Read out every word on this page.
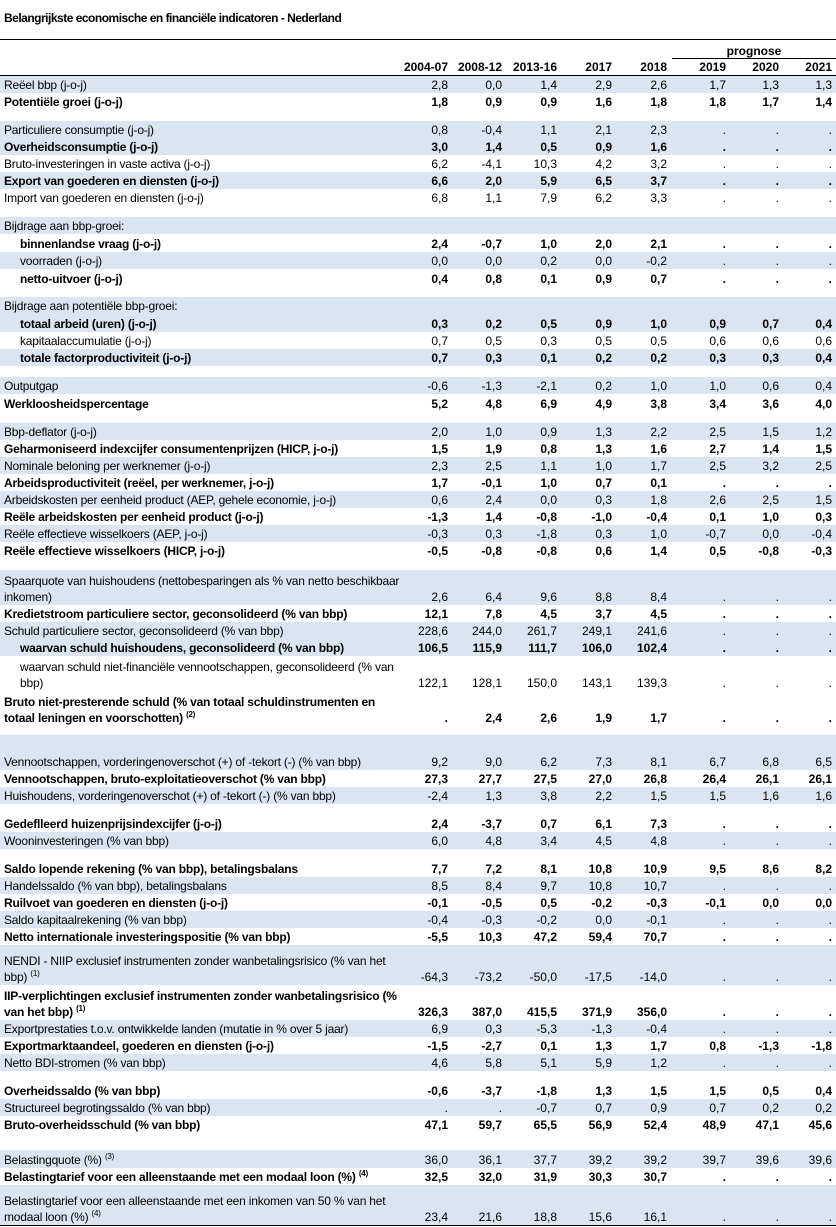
Belangrijkste economische en financiële indicatoren - Nederland
prognose
2004-07 2008-12 2013-16	2017	2018	2019	2020	2021
Reëel bbp (j-o-j)	2,8	0,0	1,4	2,9	2,6	1,7	1,3	1,3
Potentiële groei (j-o-j)	1,8	0,9	0,9	1,6	1,8	1,8	1,7	1,4
Particuliere consumptie (j-o-j)	0,8	-0,4	1,1	2,1	2,3	.	.	.
Overheidsconsumptie (j-o-j)	3,0	1,4	0,5	0,9	1,6	.	.	.
Bruto-investeringen in vaste activa (j-o-j)	6,2	-4,1	10,3	4,2	3,2	.	.	.
Export van goederen en diensten (j-o-j)	6,6	2,0	5,9	6,5	3,7	.	.	.
Import van goederen en diensten (j-o-j)	6,8	1,1	7,9	6,2	3,3	.	.	.
Bijdrage aan bbp-groei:
binnenlandse vraag (j-o-j)	2,4	-0,7	1,0	2,0	2,1	.	.	.
voorraden (j-o-j)	0,0	0,0	0,2	0,0	-0,2	.	.	.
netto-uitvoer (j-o-j)	0,4	0,8	0,1	0,9	0,7	.	.	.
Bijdrage aan potentiële bbp-groei:
totaal arbeid (uren) (j-o-j)	0,3	0,2	0,5	0,9	1,0	0,9	0,7	0,4
kapitaalaccumulatie (j-o-j)	0,7	0,5	0,3	0,5	0,5	0,6	0,6	0,6
totale factorproductiviteit (j-o-j)	0,7	0,3	0,1	0,2	0,2	0,3	0,3	0,4
Outputgap	-0,6	-1,3	-2,1	0,2	1,0	1,0	0,6	0,4
Werkloosheidspercentage	5,2	4,8	6,9	4,9	3,8	3,4	3,6	4,0
Bbp-deflator (j-o-j)	2,0	1,0	0,9	1,3	2,2	2,5	1,5	1,2
Geharmoniseerd indexcijfer consumentenprijzen (HICP, j-o-j)	1,5	1,9	0,8	1,3	1,6	2,7	1,4	1,5
Nominale beloning per werknemer (j-o-j)	2,3	2,5	1,1	1,0	1,7	2,5	3,2	2,5
Arbeidsproductiviteit (reëel, per werknemer, j-o-j)	1,7	-0,1	1,0	0,7	0,1	.	.	.
Arbeidskosten per eenheid product (AEP, gehele economie, j-o-j)	0,6	2,4	0,0	0,3	1,8	2,6	2,5	1,5
Reële arbeidskosten per eenheid product (j-o-j)	-1,3	1,4	-0,8	-1,0	-0,4	0,1	1,0	0,3
Reële effectieve wisselkoers (AEP, j-o-j)	-0,3	0,3	-1,8	0,3	1,0	-0,7	0,0	-0,4
Reële effectieve wisselkoers (HICP, j-o-j)	-0,5	-0,8	-0,8	0,6	1,4	0,5	-0,8	-0,3
Spaarquote van huishoudens (nettobesparingen als % van netto beschikbaar inkomen)	2,6	6,4	9,6	8,8	8,4	.	.	.
Kredietstroom particuliere sector, geconsolideerd (% van bbp)	12,1	7,8	4,5	3,7	4,5	.	.	.
Schuld particuliere sector, geconsolideerd (% van bbp)	228,6	244,0	261,7	249,1	241,6	.	.	.
waarvan schuld huishoudens, geconsolideerd (% van bbp)	106,5	115,9	111,7	106,0	102,4	.	.	.
waarvan schuld niet-financiële vennootschappen, geconsolideerd (% van bbp)	122,1	128,1	150,0	143,1	139,3	.	.	.
Bruto niet-presterende schuld (% van totaal schuldinstrumenten en totaal leningen en voorschotten) $^{(2)}$	.	2,4	2,6	1,9	1,7	.	.	.
Vennootschappen, vorderingenoverschot (+) of -tekort (-) (% van bbp)	9,2	9,0	6,2	7,3	8,1	6,7	6,8	6,5
Vennootschappen, bruto-exploitatieoverschot (% van bbp)	27,3	27,7	27,5	27,0	26,8	26,4	26,1	26,1
Huishoudens, vorderingenoverschot (+) of -tekort (-) (% van bbp)	-2,4	1,3	3,8	2,2	1,5	1,5	1,6	1,6
Gedeflleerd huizenprijsindexcijfer (j-o-j)	2,4	-3,7	0,7	6,1	7,3	.	.	.
Wooninvesteringen (% van bbp)	6,0	4,8	3,4	4,5	4,8	.	.	.
Saldo lopende rekening (% van bbp), betalingsbalans	7,7	7,2	8,1	10,8	10,9	9,5	8,6	8,2
Handelssaldo (% van bbp), betalingsbalans	8,5	8,4	9,7	10,8	10,7	.	.	.
Ruilvoet van goederen en diensten (j-o-j)	-0,1	-0,5	0,5	-0,2	-0,3	-0,1	0,0	0,0
Saldo kapitaalrekening (% van bbp)	-0,4	-0,3	-0,2	0,0	-0,1	.	.	.
Netto internationale investeringspositie (% van bbp)	-5,5	10,3	47,2	59,4	70,7	.	.	.
NENDI - NIIP exclusief instrumenten zonder wanbetalingsrisico (% van het bbp) $^{(1)}$	-64,3	-73,2	-50,0	-17,5	-14,0	.	.	.
IIP-verplichtingen exclusief instrumenten zonder wanbetalingsrisico (% van het bbp) $^{(1)}$	326,3	387,0	415,5	371,9	356,0	.	.	.
Exportprestaties t.o.v. ontwikkelde landen (mutatie in % over 5 jaar)	6,9	0,3	-5,3	-1,3	-0,4	.	.	.
Exportmarktaandeel, goederen en diensten (j-o-j)	-1,5	-2,7	0,1	1,3	1,7	0,8	-1,3	-1,8
Netto BDI-stromen (% van bbp)	4,6	5,8	5,1	5,9	1,2	.	.	.
Overheidssaldo (% van bbp)	-0,6	-3,7	-1,8	1,3	1,5	1,5	0,5	0,4
Structureel begrotingssaldo (% van bbp)	.	.	-0,7	0,7	0,9	0,7	0,2	0,2
Bruto-overheidsschuld (% van bbp)	47,1	59,7	65,5	56,9	52,4	48,9	47,1	45,6
Belastingquote (%) $^{(3)}$	36,0	36,1	37,7	39,2	39,2	39,7	39,6	39,6
Belastingtarief voor een alleenstaande met een modaal loon (%) $^{(4)}$	32,5	32,0	31,9	30,3	30,7	.	.	.
Belastingtarief voor een alleenstaande met een inkomen van 50 % van het modaal loon (%) $^{(4)}$	23,4	21,6	18,8	15,6	16,1	.	.	.
